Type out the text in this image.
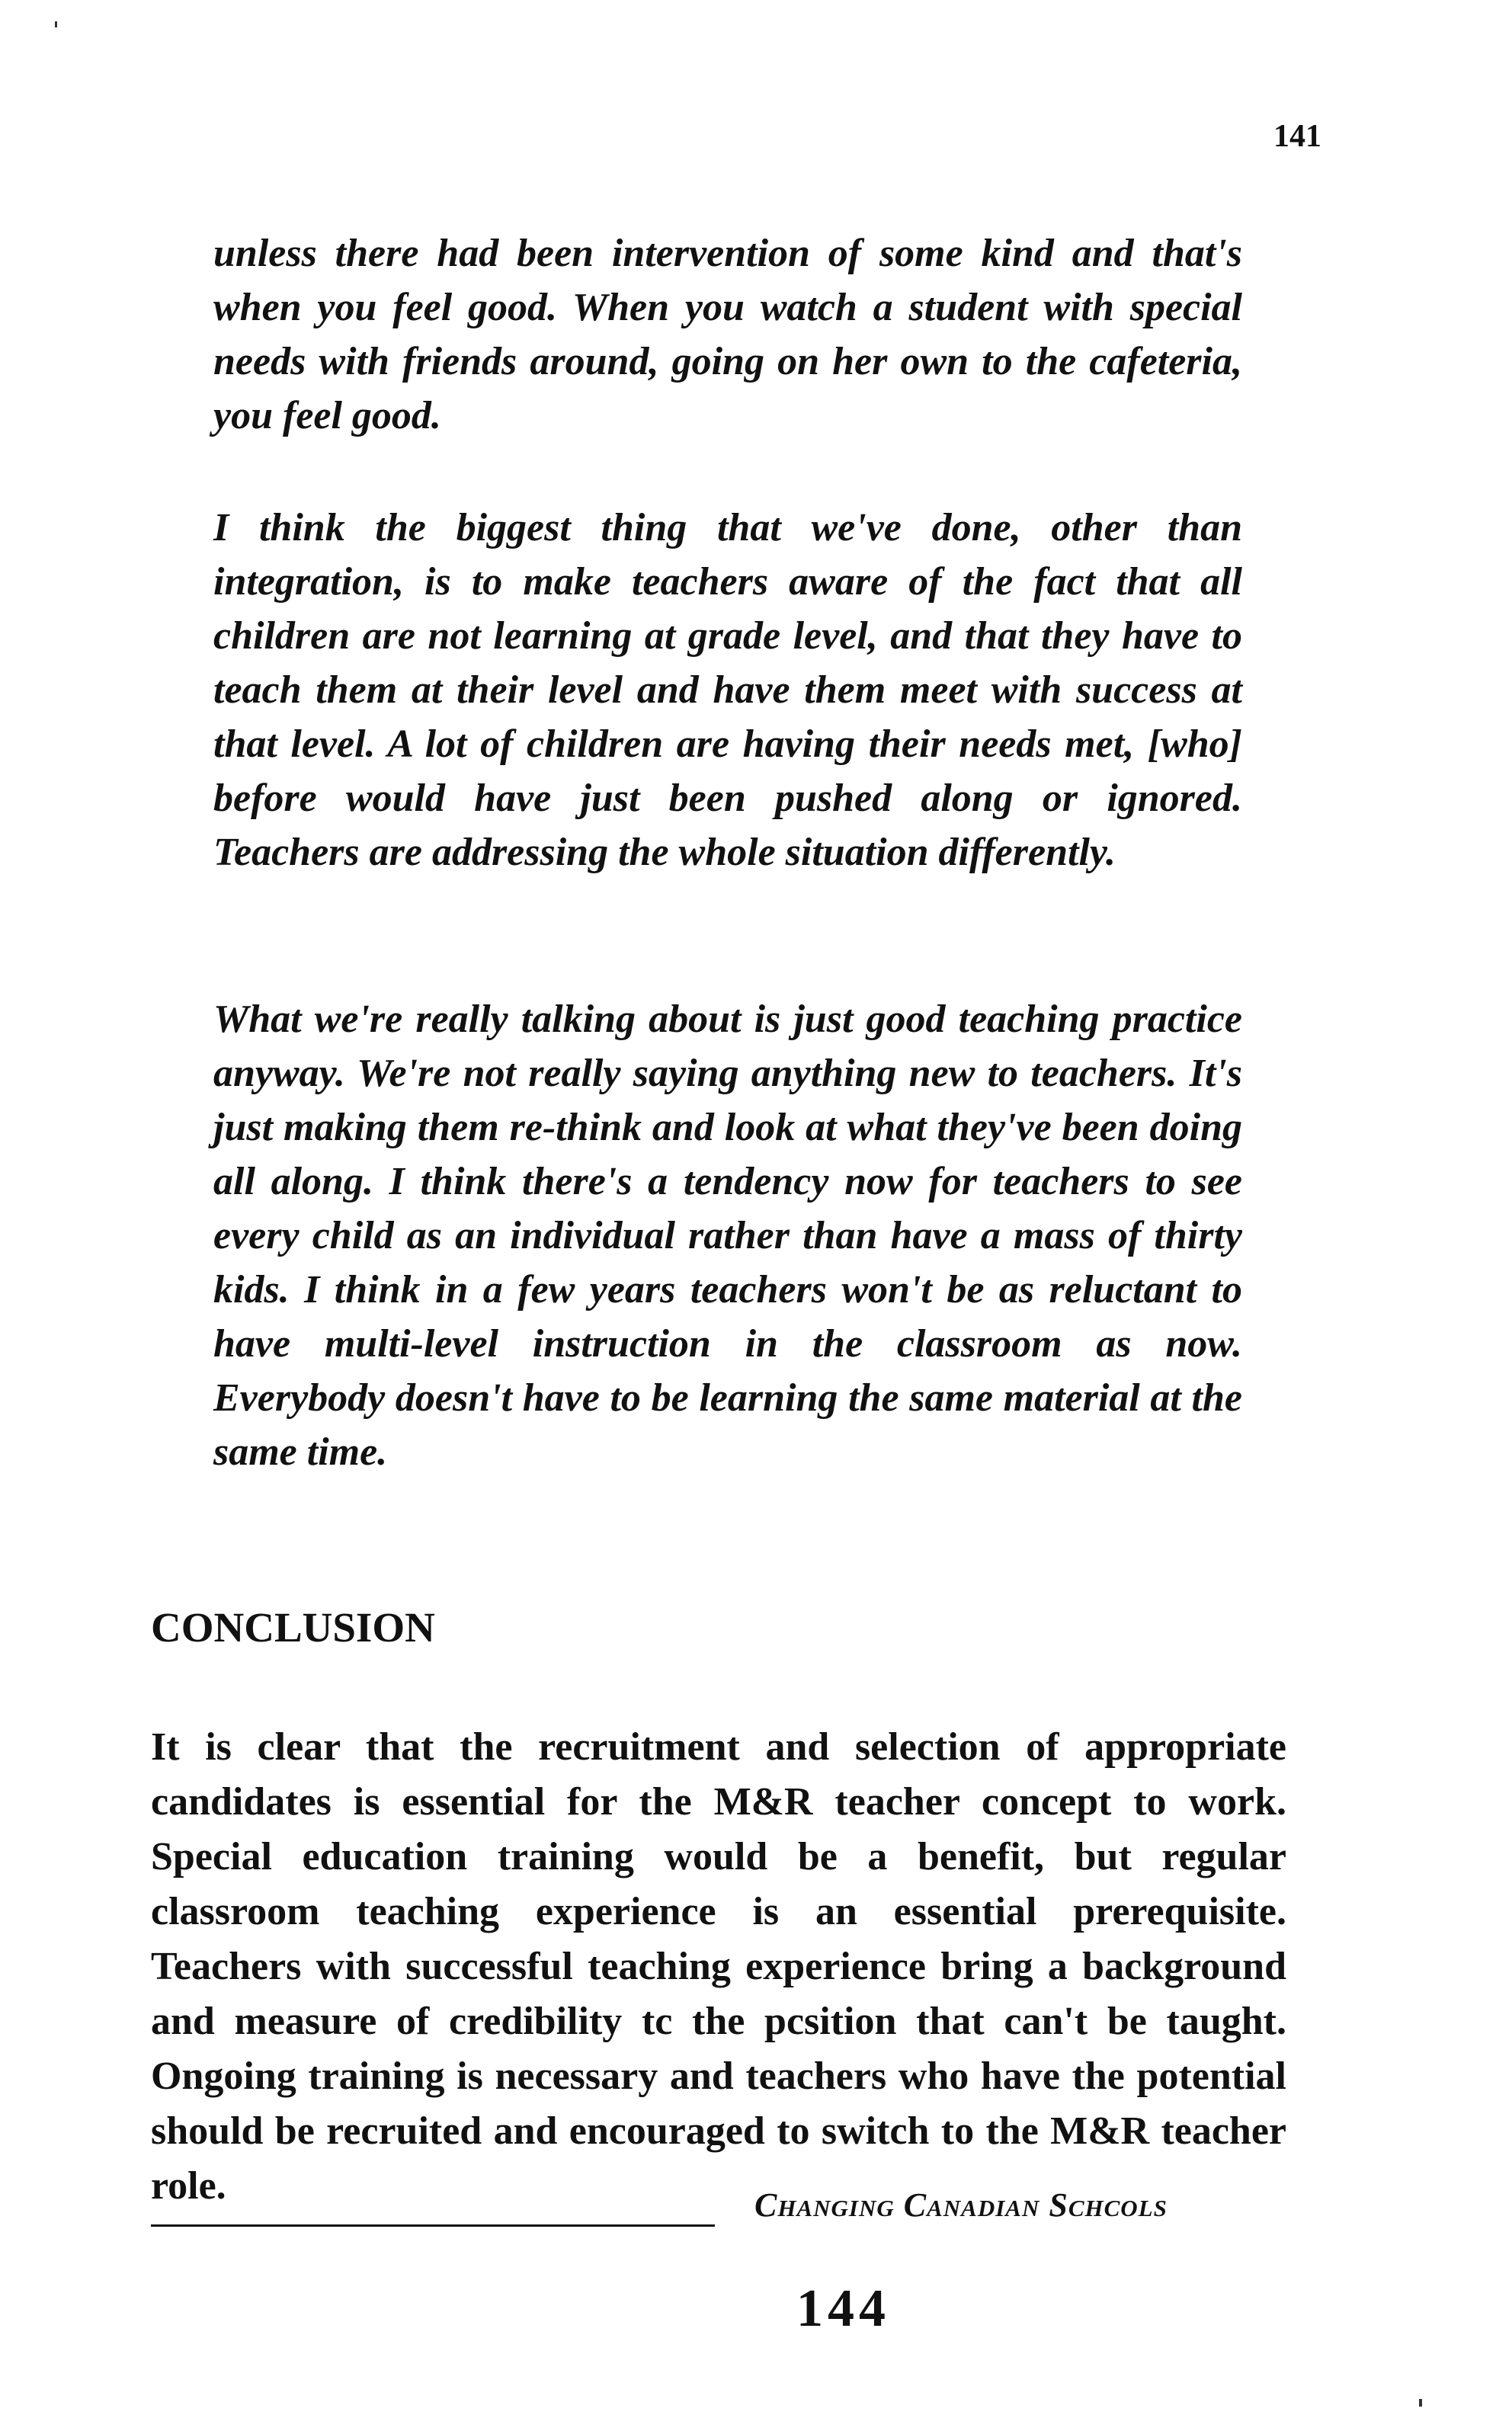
141

unless there had been intervention of some kind and that's when you feel good. When you watch a student with special needs with friends around, going on her own to the cafeteria, you feel good.

I think the biggest thing that we've done, other than integration, is to make teachers aware of the fact that all children are not learning at grade level, and that they have to teach them at their level and have them meet with success at that level. A lot of children are having their needs met, [who] before would have just been pushed along or ignored. Teachers are addressing the whole situation differently.

What we're really talking about is just good teaching practice anyway. We're not really saying anything new to teachers. It's just making them re-think and look at what they've been doing all along. I think there's a tendency now for teachers to see every child as an individual rather than have a mass of thirty kids. I think in a few years teachers won't be as reluctant to have multi-level instruction in the classroom as now. Everybody doesn't have to be learning the same material at the same time.

CONCLUSION

It is clear that the recruitment and selection of appropriate candidates is essential for the M&R teacher concept to work. Special education training would be a benefit, but regular classroom teaching experience is an essential prerequisite. Teachers with successful teaching experience bring a background and measure of credibility tc the pcsition that can't be taught. Ongoing training is necessary and teachers who have the potential should be recruited and encouraged to switch to the M&R teacher role.	Changing Canadian Schcols
144
